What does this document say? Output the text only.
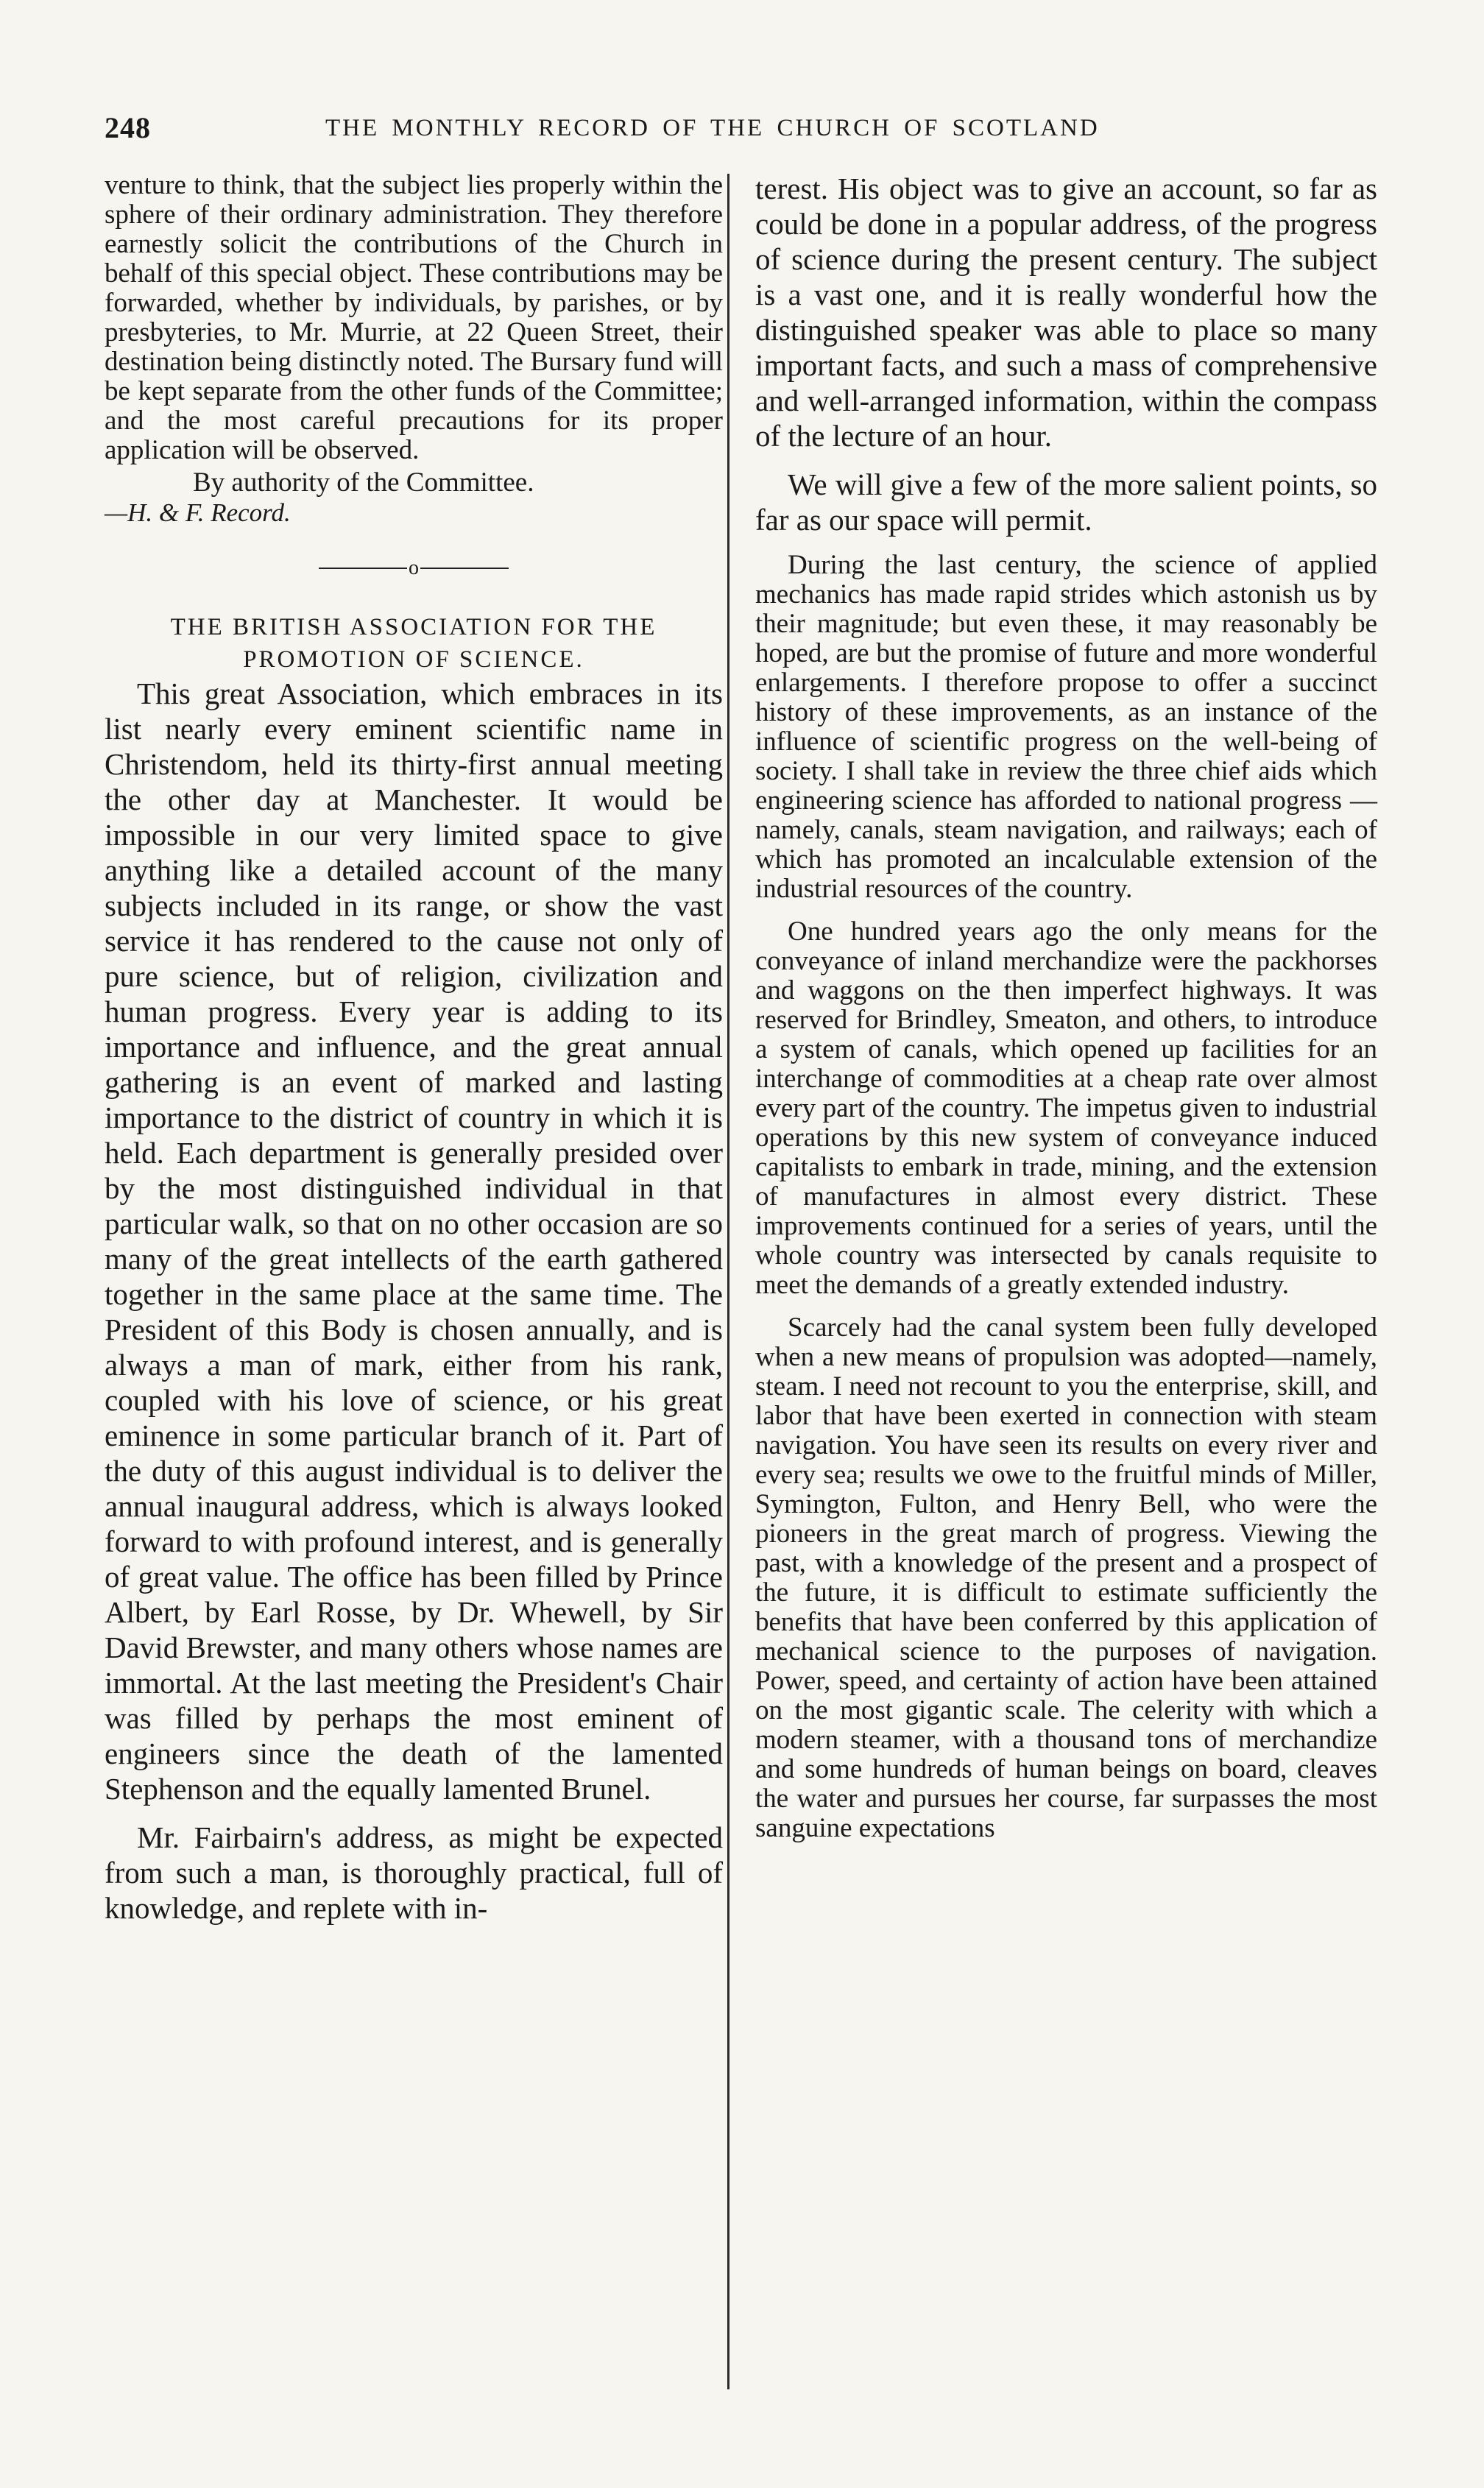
248	THE MONTHLY RECORD OF THE CHURCH OF SCOTLAND

venture to think, that the subject lies properly within the sphere of their ordinary administration. They therefore earnestly solicit the contributions of the Church in behalf of this special object. These contributions may be forwarded, whether by individuals, by parishes, or by presbyteries, to Mr. Murrie, at 22 Queen Street, their destination being distinctly noted. The Bursary fund will be kept separate from the other funds of the Committee; and the most careful precautions for its proper application will be observed.

By authority of the Committee.

—H. & F. Record.

o

THE BRITISH ASSOCIATION FOR THE PROMOTION OF SCIENCE.

This great Association, which embraces in its list nearly every eminent scientific name in Christendom, held its thirty-first annual meeting the other day at Manchester. It would be impossible in our very limited space to give anything like a detailed account of the many subjects included in its range, or show the vast service it has rendered to the cause not only of pure science, but of religion, civilization and human progress. Every year is adding to its importance and influence, and the great annual gathering is an event of marked and lasting importance to the district of country in which it is held. Each department is generally presided over by the most distinguished individual in that particular walk, so that on no other occasion are so many of the great intellects of the earth gathered together in the same place at the same time. The President of this Body is chosen annually, and is always a man of mark, either from his rank, coupled with his love of science, or his great eminence in some particular branch of it. Part of the duty of this august individual is to deliver the annual inaugural address, which is always looked forward to with profound interest, and is generally of great value. The office has been filled by Prince Albert, by Earl Rosse, by Dr. Whewell, by Sir David Brewster, and many others whose names are immortal. At the last meeting the President's Chair was filled by perhaps the most eminent of engineers since the death of the lamented Stephenson and the equally lamented Brunel.

Mr. Fairbairn's address, as might be expected from such a man, is thoroughly practical, full of knowledge, and replete with in-

terest. His object was to give an account, so far as could be done in a popular address, of the progress of science during the present century. The subject is a vast one, and it is really wonderful how the distinguished speaker was able to place so many important facts, and such a mass of comprehensive and well-arranged information, within the compass of the lecture of an hour.

We will give a few of the more salient points, so far as our space will permit.

During the last century, the science of applied mechanics has made rapid strides which astonish us by their magnitude; but even these, it may reasonably be hoped, are but the promise of future and more wonderful enlargements. I therefore propose to offer a succinct history of these improvements, as an instance of the influence of scientific progress on the well-being of society. I shall take in review the three chief aids which engineering science has afforded to national progress —namely, canals, steam navigation, and railways; each of which has promoted an incalculable extension of the industrial resources of the country.

One hundred years ago the only means for the conveyance of inland merchandize were the packhorses and waggons on the then imperfect highways. It was reserved for Brindley, Smeaton, and others, to introduce a system of canals, which opened up facilities for an interchange of commodities at a cheap rate over almost every part of the country. The impetus given to industrial operations by this new system of conveyance induced capitalists to embark in trade, mining, and the extension of manufactures in almost every district. These improvements continued for a series of years, until the whole country was intersected by canals requisite to meet the demands of a greatly extended industry.

Scarcely had the canal system been fully developed when a new means of propulsion was adopted—namely, steam. I need not recount to you the enterprise, skill, and labor that have been exerted in connection with steam navigation. You have seen its results on every river and every sea; results we owe to the fruitful minds of Miller, Symington, Fulton, and Henry Bell, who were the pioneers in the great march of progress. Viewing the past, with a knowledge of the present and a prospect of the future, it is difficult to estimate sufficiently the benefits that have been conferred by this application of mechanical science to the purposes of navigation. Power, speed, and certainty of action have been attained on the most gigantic scale. The celerity with which a modern steamer, with a thousand tons of merchandize and some hundreds of human beings on board, cleaves the water and pursues her course, far surpasses the most sanguine expectations
